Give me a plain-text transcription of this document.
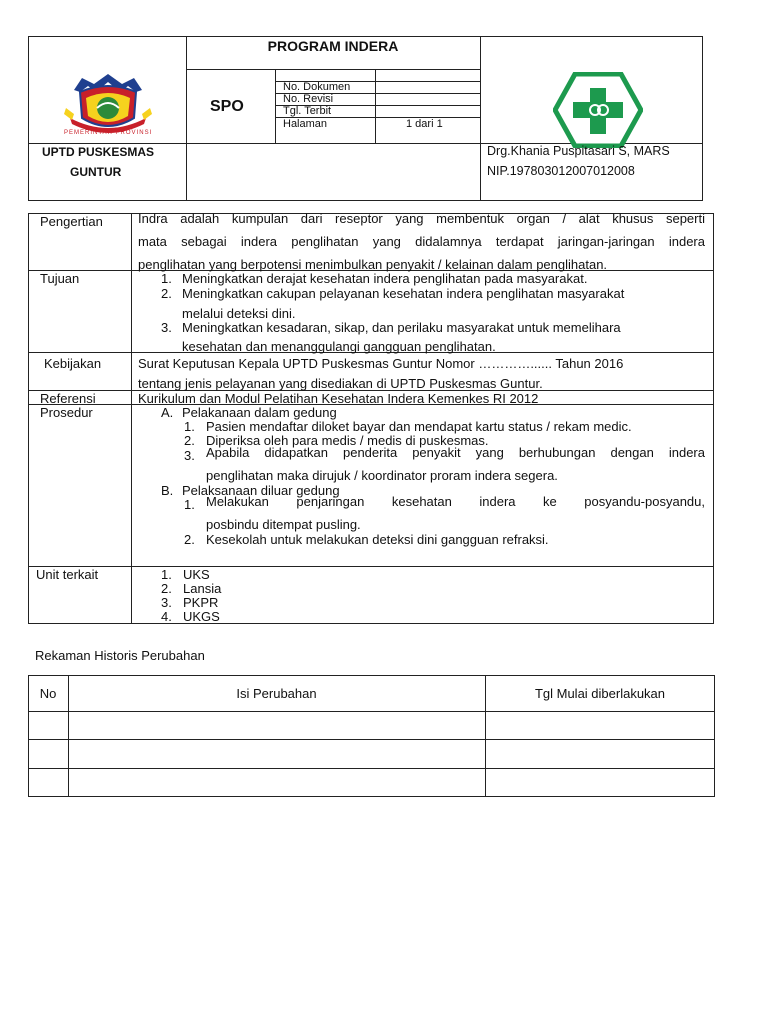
PROGRAM INDERA
SPO
No. Dokumen
No. Revisi
Tgl. Terbit
Halaman	1 dari 1
PEMERINTAH PROVINSI
UPTD PUSKESMAS
GUNTUR
Drg.Khania Puspitasari S, MARS
NIP.197803012007012008
Pengertian	Indra adalah kumpulan dari reseptor yang membentuk organ / alat khusus seperti
mata sebagai indera penglihatan yang didalamnya terdapat jaringan-jaringan indera
penglihatan yang berpotensi menimbulkan penyakit / kelainan dalam penglihatan.
Tujuan	1. Meningkatkan derajat kesehatan indera penglihatan pada masyarakat.
2. Meningkatkan cakupan pelayanan kesehatan indera penglihatan masyarakat
melalui deteksi dini.
3. Meningkatkan kesadaran, sikap, dan perilaku masyarakat untuk memelihara
kesehatan dan menanggulangi gangguan penglihatan.
Kebijakan	Surat Keputusan Kepala UPTD Puskesmas Guntur Nomor …………...... Tahun 2016
tentang jenis pelayanan yang disediakan di UPTD Puskesmas Guntur.
Referensi	Kurikulum dan Modul Pelatihan Kesehatan Indera Kemenkes RI 2012
Prosedur	A. Pelakanaan dalam gedung
1. Pasien mendaftar diloket bayar dan mendapat kartu status / rekam medic.
2. Diperiksa oleh para medis / medis di puskesmas.
3. Apabila didapatkan penderita penyakit yang berhubungan dengan indera
penglihatan maka dirujuk / koordinator proram indera segera.
B. Pelaksanaan diluar gedung
1. Melakukan penjaringan kesehatan indera ke posyandu-posyandu,
posbindu ditempat pusling.
2. Kesekolah untuk melakukan deteksi dini gangguan refraksi.
Unit terkait	1. UKS
2. Lansia
3. PKPR
4. UKGS
Rekaman Historis Perubahan
No	Isi Perubahan	Tgl Mulai diberlakukan
